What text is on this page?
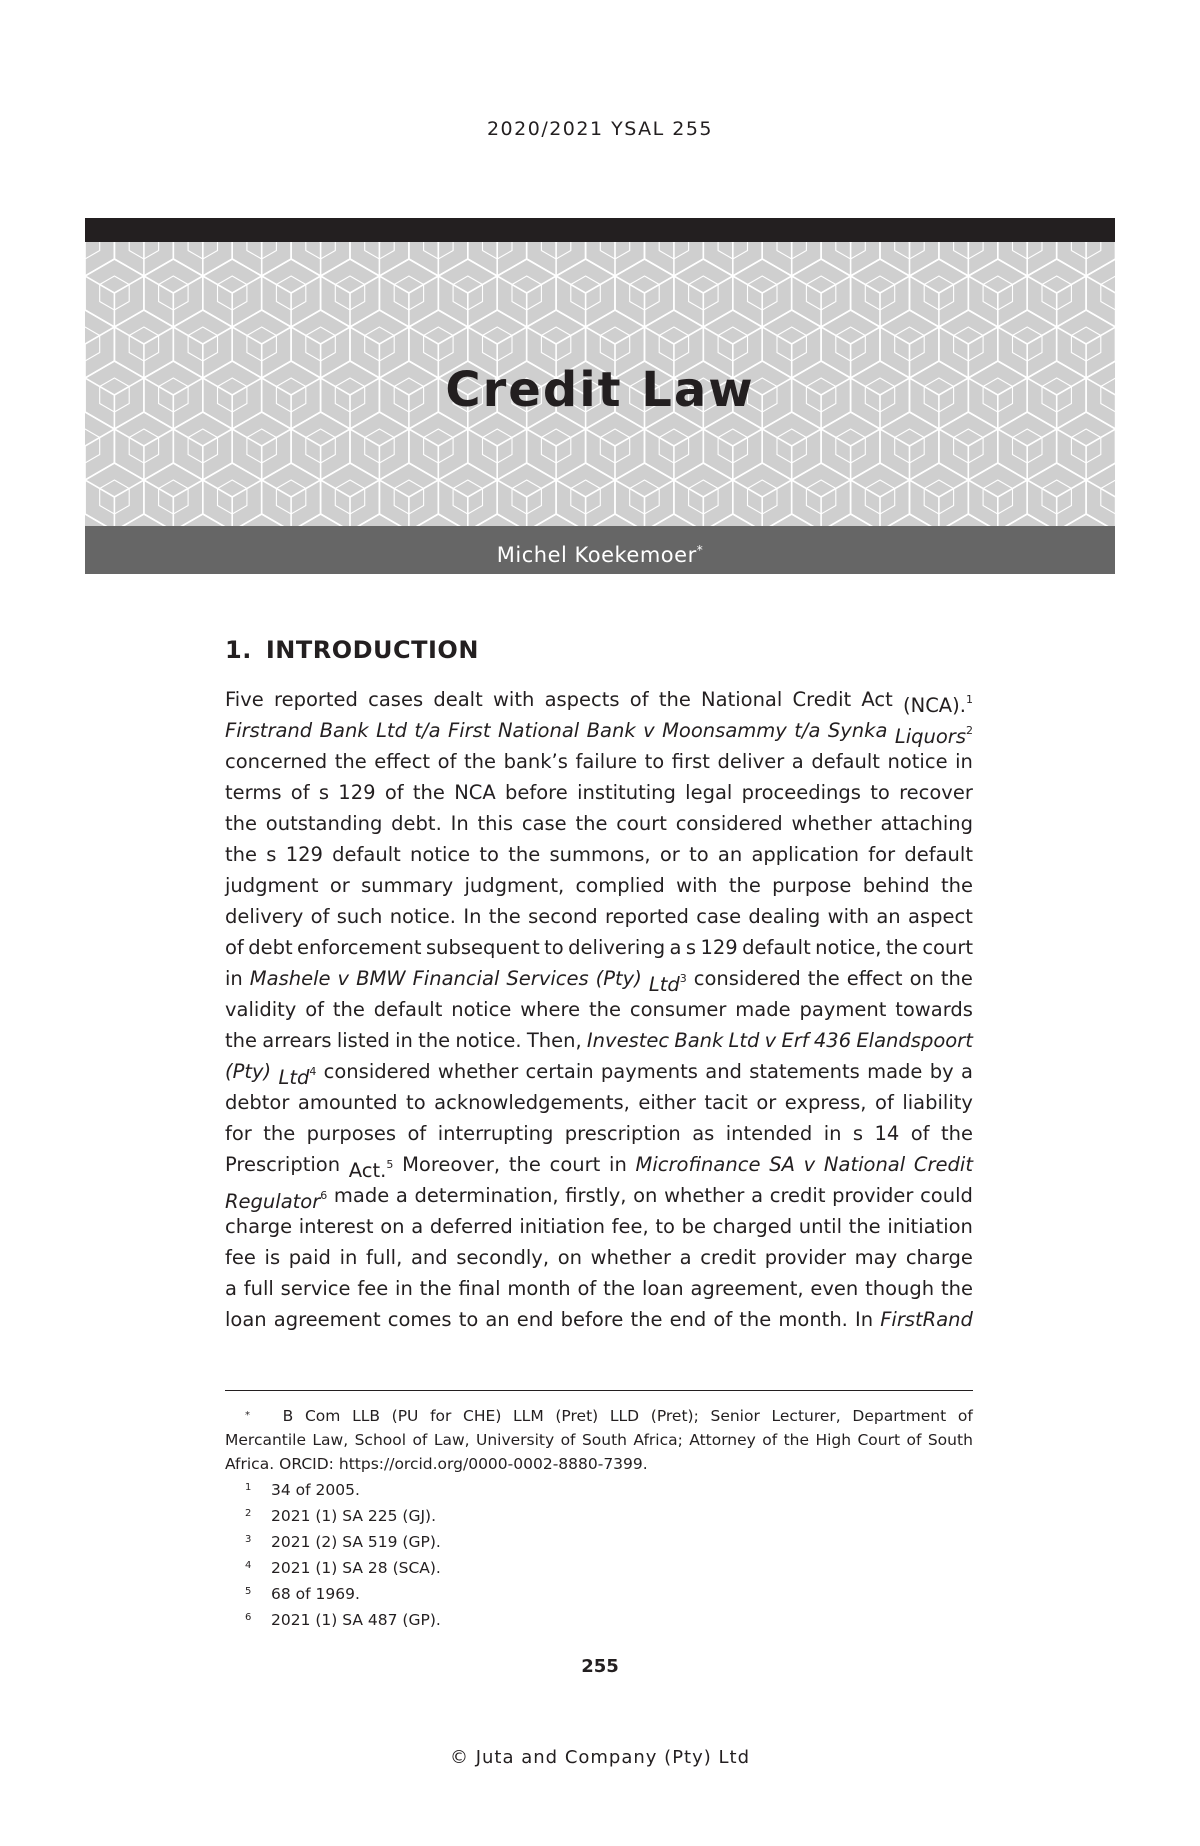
2020/2021 YSAL 255
Credit Law
Michel Koekemoer*
1. INTRODUCTION
Five reported cases dealt with aspects of the National Credit Act (NCA).$^1$
Firstrand Bank Ltd t/a First National Bank v Moonsammy t/a Synka Liquors$^2$
concerned the effect of the bank’s failure to first deliver a default notice in
terms of s 129 of the NCA before instituting legal proceedings to recover
the outstanding debt. In this case the court considered whether attaching
the s 129 default notice to the summons, or to an application for default
judgment or summary judgment, complied with the purpose behind the
delivery of such notice. In the second reported case dealing with an aspect
of debt enforcement subsequent to delivering a s 129 default notice, the court
in Mashele v BMW Financial Services (Pty) Ltd$^3$ considered the effect on the
validity of the default notice where the consumer made payment towards
the arrears listed in the notice. Then, Investec Bank Ltd v Erf 436 Elandspoort
(Pty) Ltd$^4$ considered whether certain payments and statements made by a
debtor amounted to acknowledgements, either tacit or express, of liability
for the purposes of interrupting prescription as intended in s 14 of the
Prescription Act.$^5$ Moreover, the court in Microfinance SA v National Credit
Regulator$^6$ made a determination, firstly, on whether a credit provider could
charge interest on a deferred initiation fee, to be charged until the initiation
fee is paid in full, and secondly, on whether a credit provider may charge
a full service fee in the final month of the loan agreement, even though the
loan agreement comes to an end before the end of the month. In FirstRand
*	B Com LLB (PU for CHE) LLM (Pret) LLD (Pret); Senior Lecturer, Department of
Mercantile Law, School of Law, University of South Africa; Attorney of the High Court of South
Africa. ORCID: https://orcid.org/0000-0002-8880-7399.
1 34 of 2005.
2 2021 (1) SA 225 (GJ).
3 2021 (2) SA 519 (GP).
4 2021 (1) SA 28 (SCA).
5 68 of 1969.
6 2021 (1) SA 487 (GP).
255
© Juta and Company (Pty) Ltd
